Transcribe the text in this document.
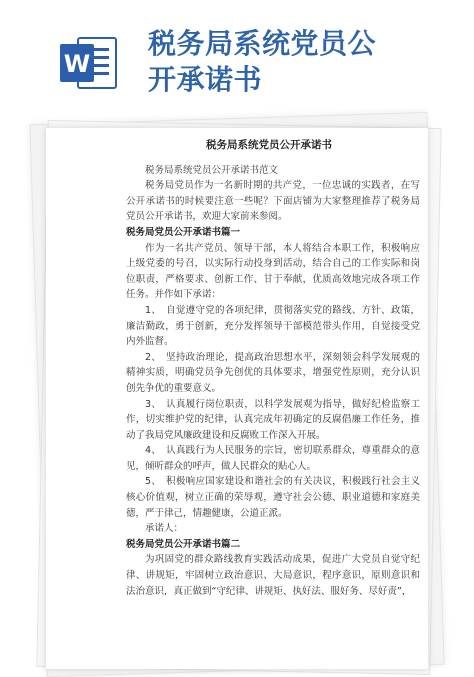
W
税务局系统党员公
开承诺书
税务局系统党员公开承诺书

税务局系统党员公开承诺书范文

税务局党员作为一名新时期的共产党，一位忠诚的实践者，在写公开承诺书的时候要注意一些呢？下面店铺为大家整理推荐了税务局党员公开承诺书，欢迎大家前来参阅。

税务局党员公开承诺书篇一

作为一名共产党员、领导干部，本人将结合本职工作，积极响应上级党委的号召，以实际行动投身到活动，结合自己的工作实际和岗位职责，严格要求、创新工作、甘于奉献，优质高效地完成各项工作任务。并作如下承诺：

1、　自觉遵守党的各项纪律，贯彻落实党的路线、方针、政策，廉洁勤政，勇于创新，充分发挥领导干部模范带头作用，自觉接受党内外监督。

2、　坚持政治理论，提高政治思想水平，深刻领会科学发展观的精神实质，明确党员争先创优的具体要求，增强党性原则，充分认识创先争优的重要意义。

3、　认真履行岗位职责，以科学发展观为指导，做好纪检监察工作，切实维护党的纪律，认真完成年初确定的反腐倡廉工作任务，推动了我局党风廉政建设和反腐败工作深入开展。

4、　认真践行为人民服务的宗旨，密切联系群众，尊重群众的意见，倾听群众的呼声，做人民群众的贴心人。

5、　积极响应国家建设和谐社会的有关决议，积极践行社会主义核心价值观，树立正确的荣辱观，遵守社会公德、职业道德和家庭美德，严于律己，情趣健康，公道正派。

承诺人：

税务局党员公开承诺书篇二

为巩固党的群众路线教育实践活动成果，促进广大党员自觉守纪律、讲规矩，牢固树立政治意识、大局意识，程序意识，原则意识和法治意识，真正做到“守纪律、讲规矩、执好法、服好务、尽好责”，
